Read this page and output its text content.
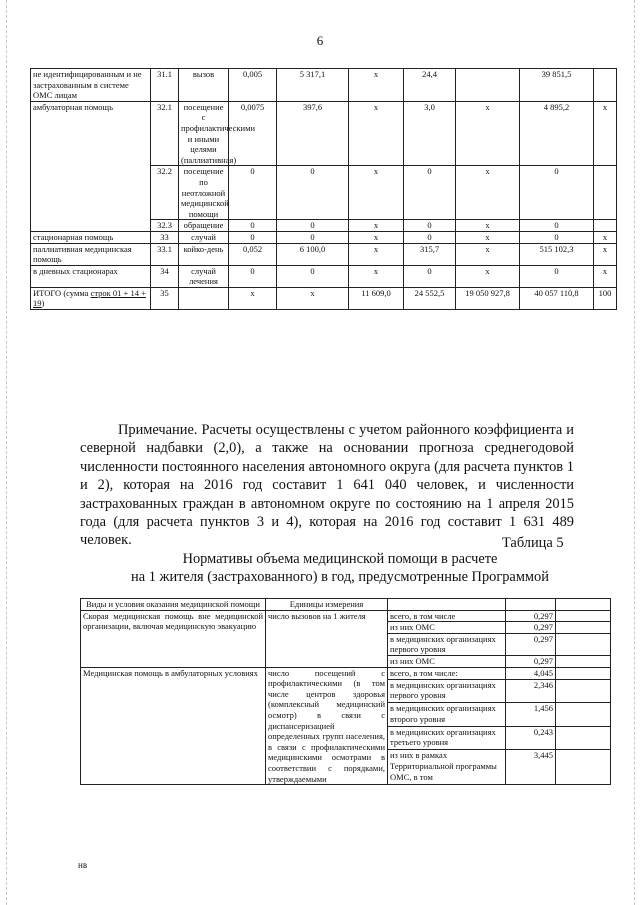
6
не идентифицированным и не застрахованным в системе ОМС лицам	31.1	вызов	0,005	5 317,1	x	24,4		39 851,5	
амбулаторная помощь	32.1	посещение с профилактическими и иными целями (паллиативная)	0,0075	397,6	x	3,0	x	4 895,2	x
	32.2	посещение по неотложной медицинской помощи	0	0	x	0	x	0	
	32.3	обращение	0	0	x	0	x	0	
стационарная помощь	33	случай	0	0	x	0	x	0	x
паллиативная медицинская помощь	33.1	койко-день	0,052	6 100,0	x	315,7	x	515 102,3	x
в дневных стационарах	34	случай лечения	0	0	x	0	x	0	x
ИТОГО (сумма строк 01 + 14 + 19)	35		x	x	11 609,0	24 552,5	19 050 927,8	40 057 110,8	100

Примечание. Расчеты осуществлены с учетом районного коэффициента и северной надбавки (2,0), а также на основании прогноза среднегодовой численности постоянного населения автономного округа (для расчета пунктов 1 и 2), которая на 2016 год составит 1 641 040 человек, и численности застрахованных граждан в автономном округе по состоянию на 1 апреля 2015 года (для расчета пунктов 3 и 4), которая на 2016 год составит 1 631 489 человек.	Таблица 5
Нормативы объема медицинской помощи в расчете
на 1 жителя (застрахованного) в год, предусмотренные Программой
Виды и условия оказания медицинской помощи	Единицы измерения			
Скорая медицинская помощь вне медицинской организации, включая медицинскую эвакуацию	число вызовов на 1 жителя	всего, в том числе	0,297	
		из них ОМС	0,297	
		в медицинских организациях первого уровня	0,297	
		из них ОМС	0,297	
Медицинская помощь в амбулаторных условиях	число посещений с профилактическими (в том числе центров здоровья (комплексный медицинский осмотр) в связи с диспансеризацией определенных групп населения, в связи с профилактическими медицинскими осмотрами в соответствии с порядками, утверждаемыми	всего, в том числе:	4,045	
		в медицинских организациях первого уровня	2,346	
		в медицинских организациях второго уровня	1,456	
		в медицинских организациях третьего уровня	0,243	
		из них в рамках Территориальной программы ОМС, в том	3,445	
нв
